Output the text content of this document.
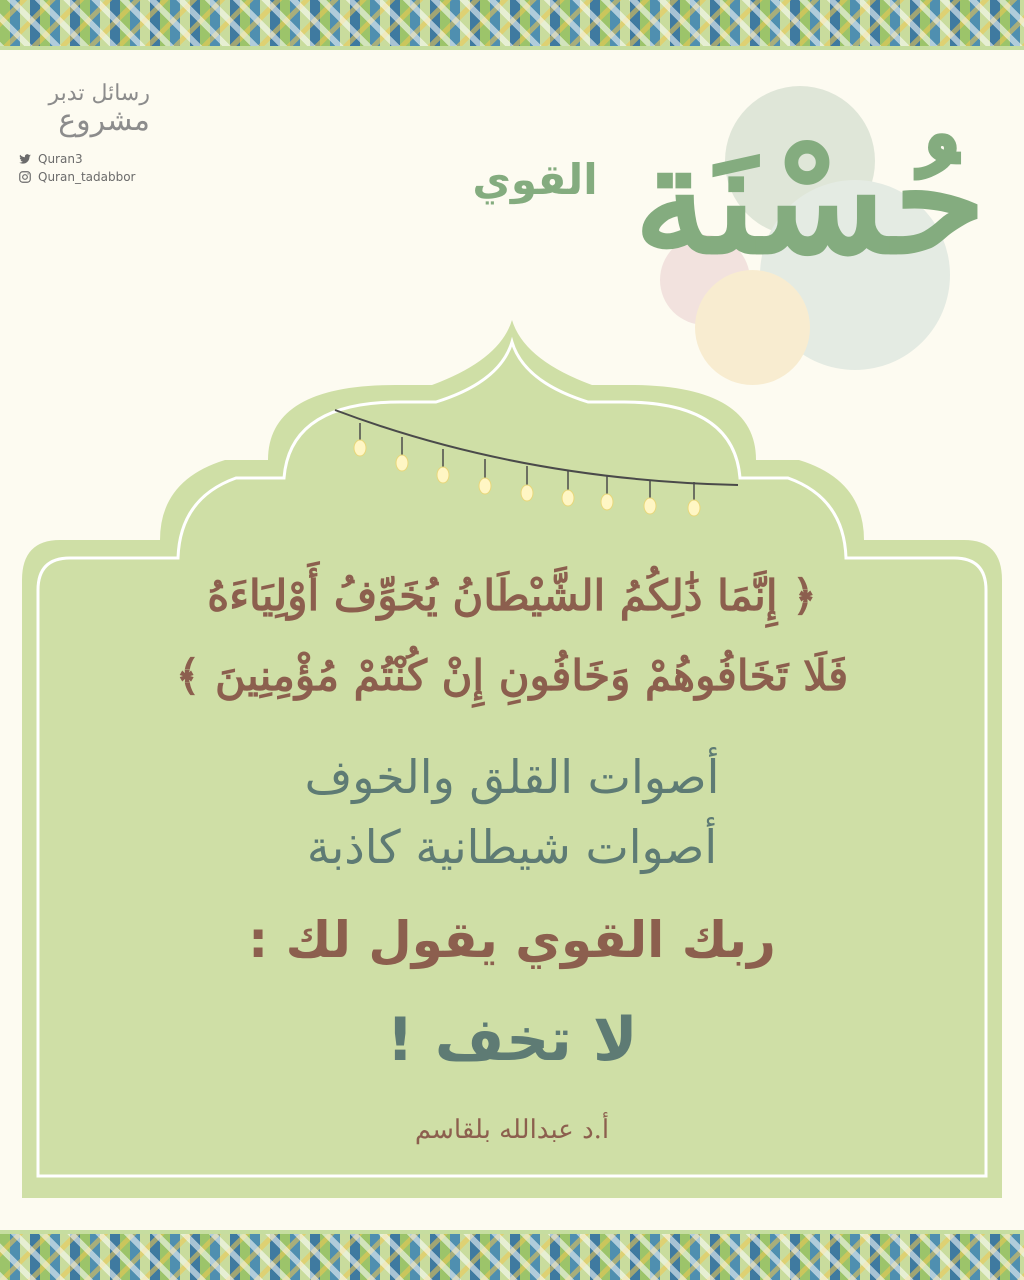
رسائل تدبر
مشروع
Quran3
Quran_tadabbor	حُسْنَة
القوي
﴿ إِنَّمَا ذَٰلِكُمُ الشَّيْطَانُ يُخَوِّفُ أَوْلِيَاءَهُ
فَلَا تَخَافُوهُمْ وَخَافُونِ إِنْ كُنْتُمْ مُؤْمِنِينَ ﴾
أصوات القلق والخوف
أصوات شيطانية كاذبة
ربك القوي يقول لك :
لا تخف !
أ.د عبدالله بلقاسم
